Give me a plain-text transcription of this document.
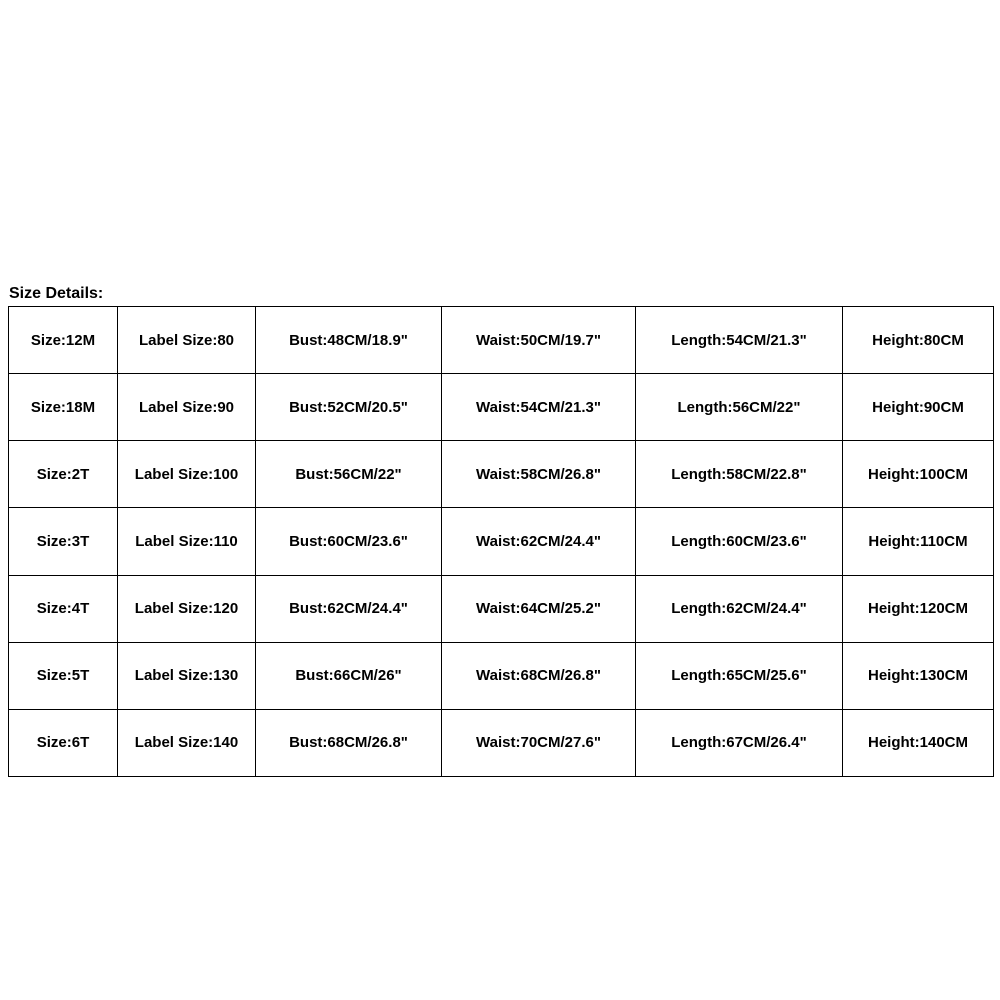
Size Details:
Size:12M	Label Size:80	Bust:48CM/18.9"	Waist:50CM/19.7"	Length:54CM/21.3"	Height:80CM
Size:18M	Label Size:90	Bust:52CM/20.5"	Waist:54CM/21.3"	Length:56CM/22"	Height:90CM
Size:2T	Label Size:100	Bust:56CM/22"	Waist:58CM/26.8"	Length:58CM/22.8"	Height:100CM
Size:3T	Label Size:110	Bust:60CM/23.6"	Waist:62CM/24.4"	Length:60CM/23.6"	Height:110CM
Size:4T	Label Size:120	Bust:62CM/24.4"	Waist:64CM/25.2"	Length:62CM/24.4"	Height:120CM
Size:5T	Label Size:130	Bust:66CM/26"	Waist:68CM/26.8"	Length:65CM/25.6"	Height:130CM
Size:6T	Label Size:140	Bust:68CM/26.8"	Waist:70CM/27.6"	Length:67CM/26.4"	Height:140CM
